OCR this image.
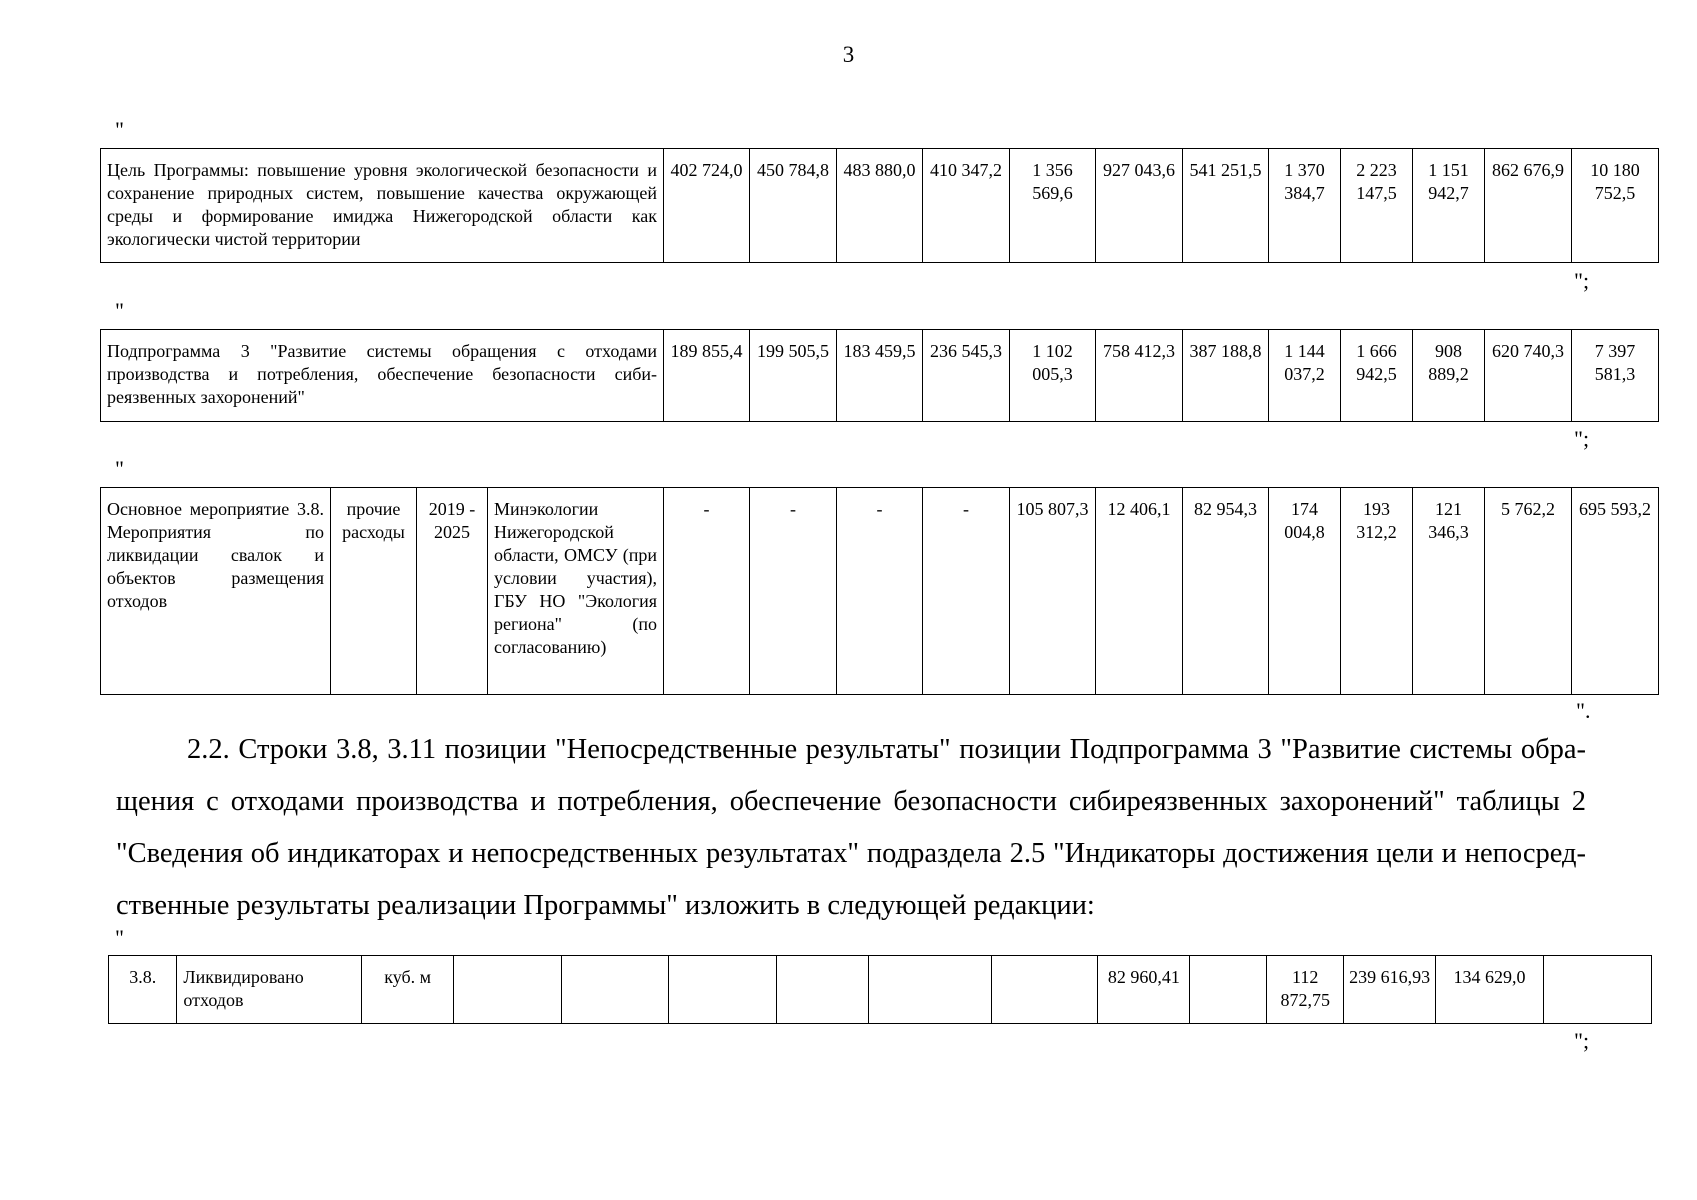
3
"
Цель Программы: повышение уровня экологической безопасности и сохранение природных систем, повышение качества окружающей среды и формирование имиджа Нижегородской области как экологически чистой территории	402 724,0	450 784,8	483 880,0	410 347,2	1 356 569,6	927 043,6	541 251,5	1 370 384,7	2 223 147,5	1 151 942,7	862 676,9	10 180 752,5
";
"
Подпрограмма 3 "Развитие системы обращения с отходами производства и потребления, обеспечение безопасности сибиреязвенных захоронений"	189 855,4	199 505,5	183 459,5	236 545,3	1 102 005,3	758 412,3	387 188,8	1 144 037,2	1 666 942,5	908 889,2	620 740,3	7 397 581,3
";
"
Основное мероприятие 3.8. Мероприятия по ликвидации свалок и объектов размещения отходов	прочие расходы	2019 - 2025	Минэкологии Нижегородской области, ОМСУ (при условии участия), ГБУ НО "Экология региона" (по согласованию)	-	-	-	-	105 807,3	12 406,1	82 954,3	174 004,8	193 312,2	121 346,3	5 762,2	695 593,2
".
2.2. Строки 3.8, 3.11 позиции "Непосредственные результаты" позиции Подпрограмма 3 "Развитие системы обращения с отходами производства и потребления, обеспечение безопасности сибиреязвенных захоронений" таблицы 2 "Сведения об индикаторах и непосредственных результатах" подраздела 2.5 "Индикаторы достижения цели и непосредственные результаты реализации Программы" изложить в следующей редакции:
"
3.8.	Ликвидировано отходов	куб. м							82 960,41		112 872,75	239 616,93	134 629,0	
";
